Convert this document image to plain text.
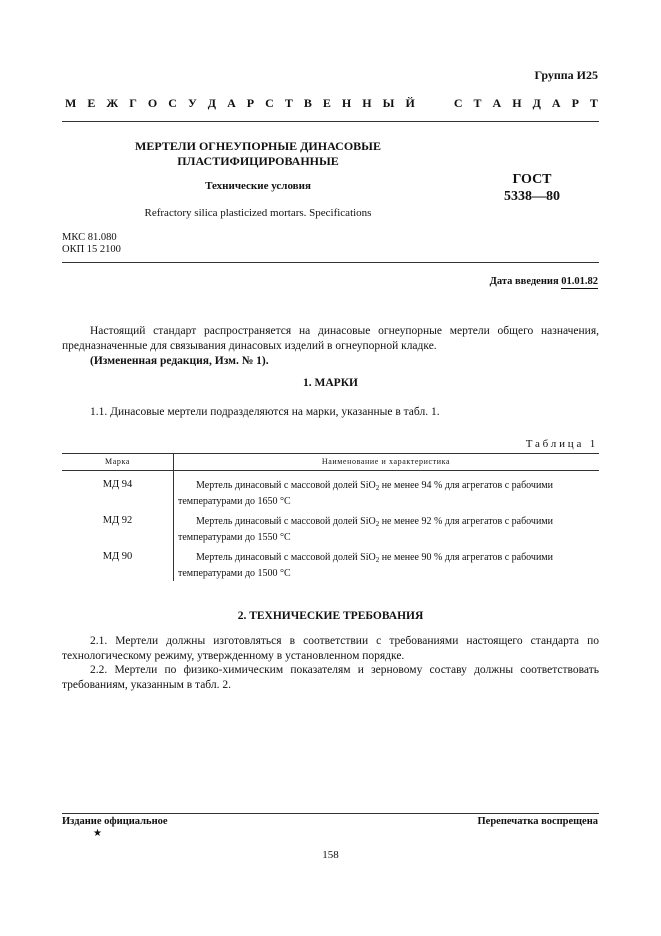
Группа И25
М Е Ж Г О С У Д А Р С Т В Е Н Н Ы Й

	С Т А Н Д А Р Т
МЕРТЕЛИ ОГНЕУПОРНЫЕ ДИНАСОВЫЕ
ПЛАСТИФИЦИРОВАННЫЕ
Технические условия
Refractory silica plasticized mortars. Specifications
ГОСТ
5338—80
МКС 81.080
ОКП 15 2100
Дата введения 01.01.82
Настоящий стандарт распространяется на динасовые огнеупорные мертели общего назначения, предназначенные для связывания динасовых изделий в огнеупорной кладке.
(Измененная редакция, Изм. № 1).
1. МАРКИ
1.1. Динасовые мертели подразделяются на марки, указанные в табл. 1.
Таблица 1
Марка	Наименование и характеристика
МД 94	Мертель динасовый с массовой долей SiO$_2$ не менее 94 % для агрегатов с рабочими
температурами до 1650 °С
МД 92	Мертель динасовый с массовой долей SiO$_2$ не менее 92 % для агрегатов с рабочими
температурами до 1550 °С
МД 90	Мертель динасовый с массовой долей SiO$_2$ не менее 90 % для агрегатов с рабочими
температурами до 1500 °С
2. ТЕХНИЧЕСКИЕ ТРЕБОВАНИЯ
2.1. Мертели должны изготовляться в соответствии с требованиями настоящего стандарта по технологическому режиму, утвержденному в установленном порядке.
2.2. Мертели по физико-химическим показателям и зерновому составу должны соответствовать требованиям, указанным в табл. 2.
Издание официальное
★
Перепечатка воспрещена
158
